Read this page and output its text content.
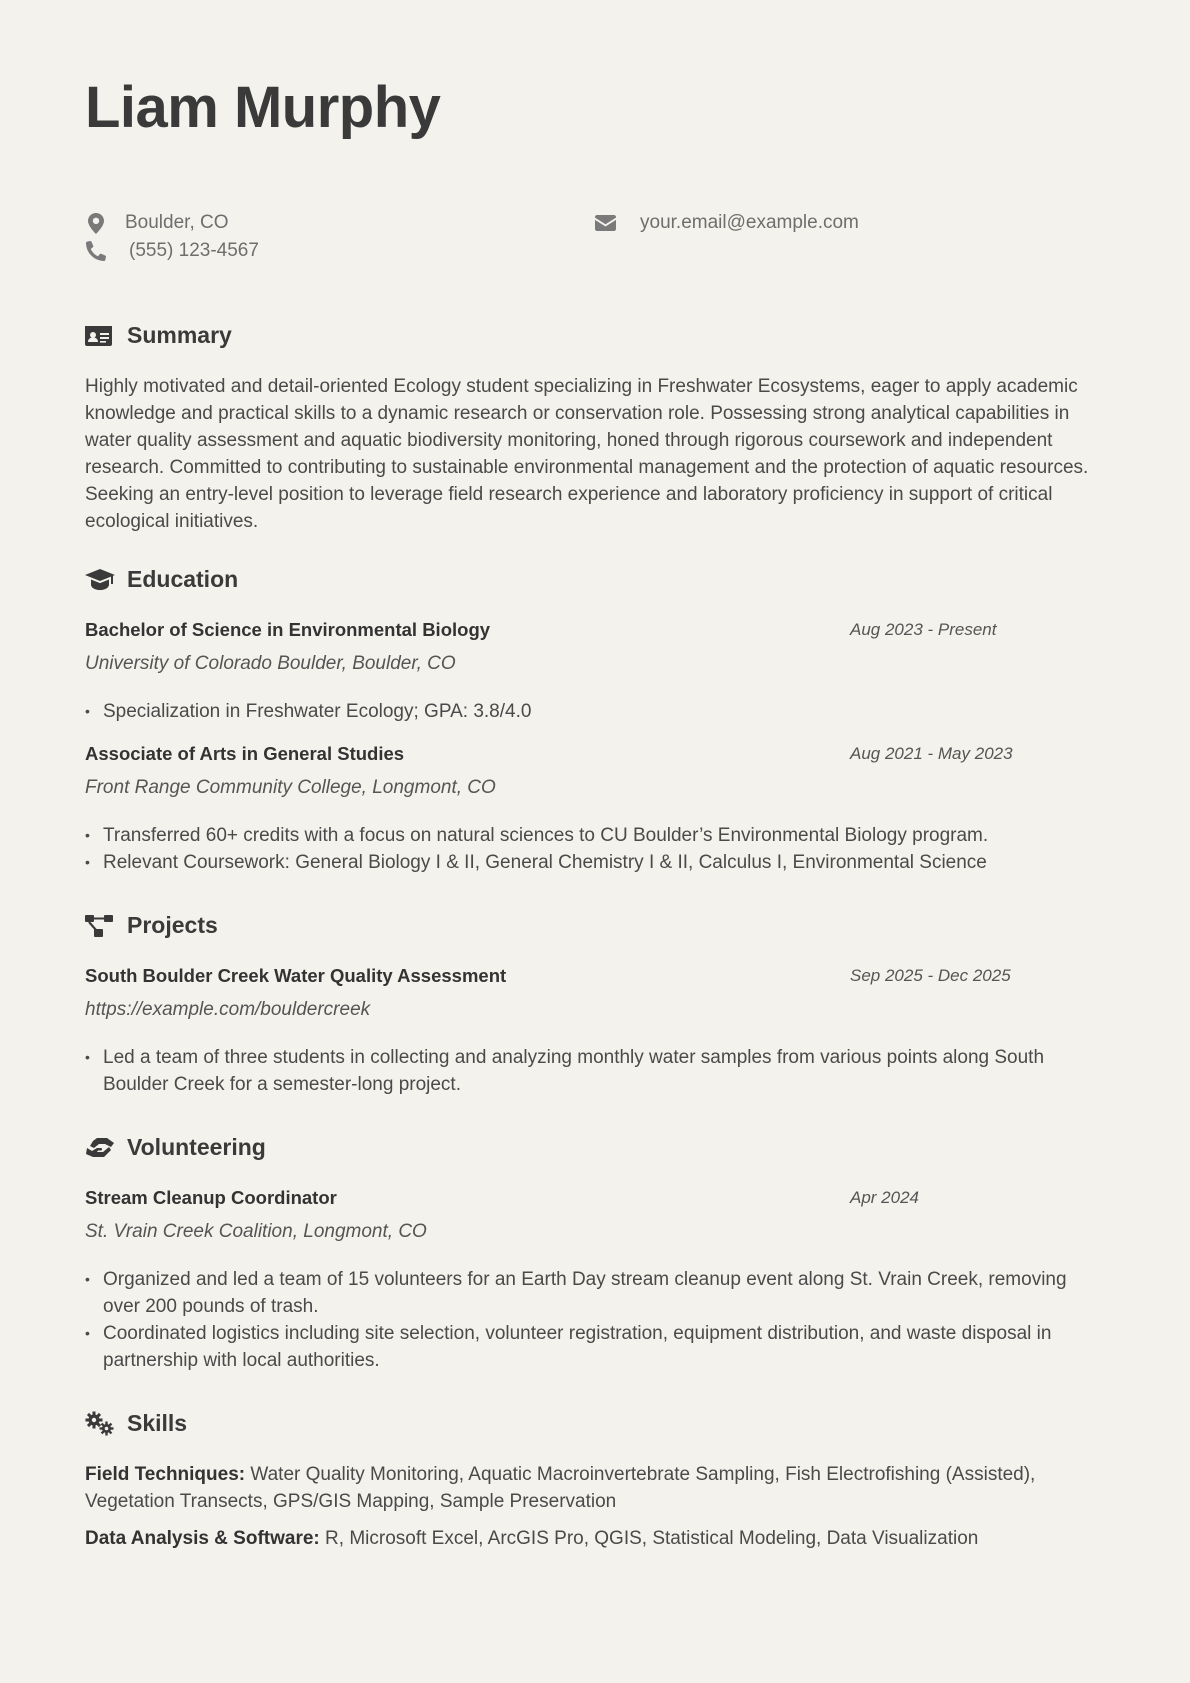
Liam Murphy
Boulder, CO
(555) 123-4567
your.email@example.com
Summary

Highly motivated and detail-oriented Ecology student specializing in Freshwater Ecosystems, eager to apply academic knowledge and practical skills to a dynamic research or conservation role. Possessing strong analytical capabilities in water quality assessment and aquatic biodiversity monitoring, honed through rigorous coursework and independent research. Committed to contributing to sustainable environmental management and the protection of aquatic resources. Seeking an entry-level position to leverage field research experience and laboratory proficiency in support of critical ecological initiatives.

Education
Bachelor of Science in Environmental Biology	Aug 2023 - Present
University of Colorado Boulder, Boulder, CO
• Specialization in Freshwater Ecology; GPA: 3.8/4.0
Associate of Arts in General Studies	Aug 2021 - May 2023
Front Range Community College, Longmont, CO
• Transferred 60+ credits with a focus on natural sciences to CU Boulder’s Environmental Biology program.
• Relevant Coursework: General Biology I & II, General Chemistry I & II, Calculus I, Environmental Science
Projects
South Boulder Creek Water Quality Assessment	Sep 2025 - Dec 2025
https://example.com/bouldercreek
• Led a team of three students in collecting and analyzing monthly water samples from various points along South Boulder Creek for a semester-long project.
Volunteering
Stream Cleanup Coordinator	Apr 2024
St. Vrain Creek Coalition, Longmont, CO
• Organized and led a team of 15 volunteers for an Earth Day stream cleanup event along St. Vrain Creek, removing over 200 pounds of trash.
• Coordinated logistics including site selection, volunteer registration, equipment distribution, and waste disposal in partnership with local authorities.
Skills
Field Techniques: Water Quality Monitoring, Aquatic Macroinvertebrate Sampling, Fish Electrofishing (Assisted), Vegetation Transects, GPS/GIS Mapping, Sample Preservation
Data Analysis & Software: R, Microsoft Excel, ArcGIS Pro, QGIS, Statistical Modeling, Data Visualization
